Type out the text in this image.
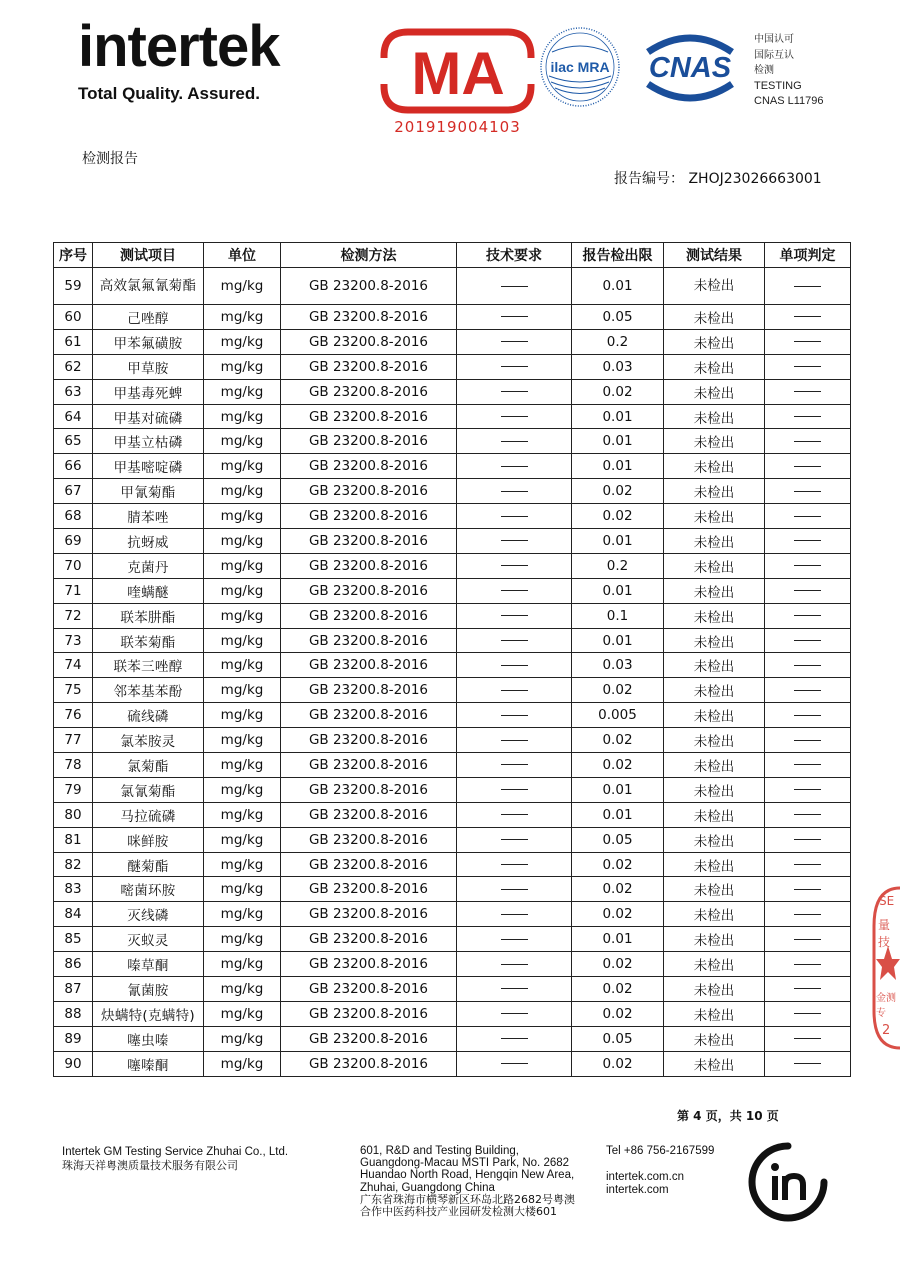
intertek
Total Quality. Assured.	MA
201919004103
ilac MRA CNAS
中国认可
国际互认
检测
TESTING
CNAS L11796
检测报告
报告编号： ZHOJ23026663001
序号	测试项目	单位	检测方法	技术要求	报告检出限	测试结果	单项判定
59	高效氯氟氰菊酯	mg/kg	GB 23200.8-2016		0.01	未检出	
60	己唑醇	mg/kg	GB 23200.8-2016		0.05	未检出	
61	甲苯氟磺胺	mg/kg	GB 23200.8-2016		0.2	未检出	
62	甲草胺	mg/kg	GB 23200.8-2016		0.03	未检出	
63	甲基毒死蜱	mg/kg	GB 23200.8-2016		0.02	未检出	
64	甲基对硫磷	mg/kg	GB 23200.8-2016		0.01	未检出	
65	甲基立枯磷	mg/kg	GB 23200.8-2016		0.01	未检出	
66	甲基嘧啶磷	mg/kg	GB 23200.8-2016		0.01	未检出	
67	甲氰菊酯	mg/kg	GB 23200.8-2016		0.02	未检出	
68	腈苯唑	mg/kg	GB 23200.8-2016		0.02	未检出	
69	抗蚜威	mg/kg	GB 23200.8-2016		0.01	未检出	
70	克菌丹	mg/kg	GB 23200.8-2016		0.2	未检出	
71	喹螨醚	mg/kg	GB 23200.8-2016		0.01	未检出	
72	联苯肼酯	mg/kg	GB 23200.8-2016		0.1	未检出	
73	联苯菊酯	mg/kg	GB 23200.8-2016		0.01	未检出	
74	联苯三唑醇	mg/kg	GB 23200.8-2016		0.03	未检出	
75	邻苯基苯酚	mg/kg	GB 23200.8-2016		0.02	未检出	
76	硫线磷	mg/kg	GB 23200.8-2016		0.005	未检出	
77	氯苯胺灵	mg/kg	GB 23200.8-2016		0.02	未检出	
78	氯菊酯	mg/kg	GB 23200.8-2016		0.02	未检出	
79	氯氰菊酯	mg/kg	GB 23200.8-2016		0.01	未检出	
80	马拉硫磷	mg/kg	GB 23200.8-2016		0.01	未检出	
81	咪鲜胺	mg/kg	GB 23200.8-2016		0.05	未检出	
82	醚菊酯	mg/kg	GB 23200.8-2016		0.02	未检出	
83	嘧菌环胺	mg/kg	GB 23200.8-2016		0.02	未检出	
84	灭线磷	mg/kg	GB 23200.8-2016		0.02	未检出	
85	灭蚁灵	mg/kg	GB 23200.8-2016		0.01	未检出	
86	嗪草酮	mg/kg	GB 23200.8-2016		0.02	未检出	
87	氰菌胺	mg/kg	GB 23200.8-2016		0.02	未检出	
88	炔螨特(克螨特)	mg/kg	GB 23200.8-2016		0.02	未检出	
89	噻虫嗪	mg/kg	GB 23200.8-2016		0.05	未检出	
90	噻嗪酮	mg/kg	GB 23200.8-2016		0.02	未检出	
第 4 页，共 10 页
Intertek GM Testing Service Zhuhai Co., Ltd.
珠海天祥粤澳质量技术服务有限公司
601, R&D and Testing Building,
Guangdong-Macau MSTI Park, No. 2682
Huandao North Road, Hengqin New Area,
Zhuhai, Guangdong China
广东省珠海市横琴新区环岛北路2682号粤澳
合作中医药科技产业园研发检测大楼601
Tel +86 756-2167599
intertek.com.cn
intertek.com
SE
量技
金测专
2
